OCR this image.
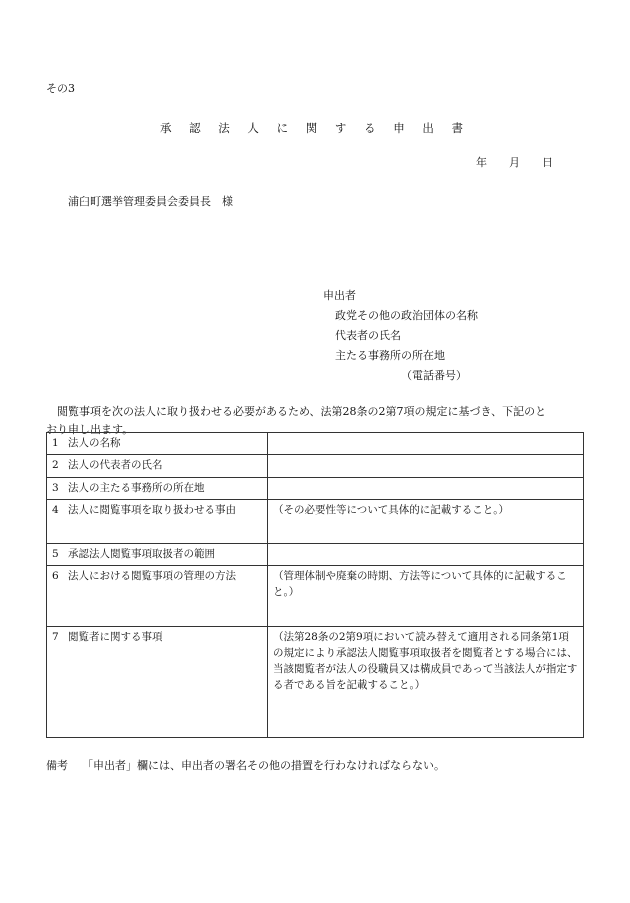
その3
承 認 法 人 に 関 す る 申 出 書
年 月 日
浦臼町選挙管理委員会委員長　様
申出者
政党その他の政治団体の名称
代表者の氏名
主たる事務所の所在地
（電話番号）
閲覧事項を次の法人に取り扱わせる必要があるため、法第28条の2第7項の規定に基づき、下記のと
おり申し出ます。
1 法人の名称	
2 法人の代表者の氏名	
3 法人の主たる事務所の所在地	
4 法人に閲覧事項を取り扱わせる事由	（その必要性等について具体的に記載すること。）
5 承認法人閲覧事項取扱者の範囲	
6 法人における閲覧事項の管理の方法	（管理体制や廃棄の時期、方法等について具体的に記載すること。）
7 閲覧者に関する事項	（法第28条の2第9項において読み替えて適用される同条第1項の規定により承認法人閲覧事項取扱者を閲覧者とする場合には、当該閲覧者が法人の役職員又は構成員であって当該法人が指定する者である旨を記載すること。）
備考 「申出者」欄には、申出者の署名その他の措置を行わなければならない。
